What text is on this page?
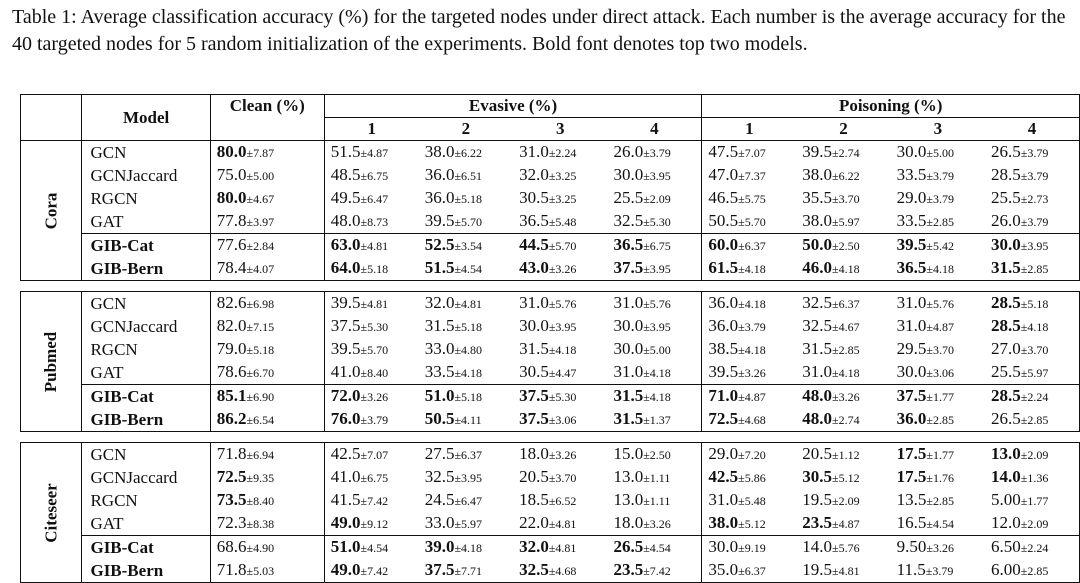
Table 1: Average classification accuracy (%) for the targeted nodes under direct attack. Each number is the average accuracy for the 40 targeted nodes for 5 random initialization of the experiments. Bold font denotes top two models.
	Model	Clean (%)	Evasive (%)				Poisoning (%)			
			1	2	3	4	1	2	3	4
Cora	GCN	80.0±7.87	51.5±4.87	38.0±6.22	31.0±2.24	26.0±3.79	47.5±7.07	39.5±2.74	30.0±5.00	26.5±3.79
	GCNJaccard	75.0±5.00	48.5±6.75	36.0±6.51	32.0±3.25	30.0±3.95	47.0±7.37	38.0±6.22	33.5±3.79	28.5±3.79
	RGCN	80.0±4.67	49.5±6.47	36.0±5.18	30.5±3.25	25.5±2.09	46.5±5.75	35.5±3.70	29.0±3.79	25.5±2.73
	GAT	77.8±3.97	48.0±8.73	39.5±5.70	36.5±5.48	32.5±5.30	50.5±5.70	38.0±5.97	33.5±2.85	26.0±3.79
	GIB-Cat	77.6±2.84	63.0±4.81	52.5±3.54	44.5±5.70	36.5±6.75	60.0±6.37	50.0±2.50	39.5±5.42	30.0±3.95
	GIB-Bern	78.4±4.07	64.0±5.18	51.5±4.54	43.0±3.26	37.5±3.95	61.5±4.18	46.0±4.18	36.5±4.18	31.5±2.85

Pubmed	GCN	82.6±6.98	39.5±4.81	32.0±4.81	31.0±5.76	31.0±5.76	36.0±4.18	32.5±6.37	31.0±5.76	28.5±5.18
	GCNJaccard	82.0±7.15	37.5±5.30	31.5±5.18	30.0±3.95	30.0±3.95	36.0±3.79	32.5±4.67	31.0±4.87	28.5±4.18
	RGCN	79.0±5.18	39.5±5.70	33.0±4.80	31.5±4.18	30.0±5.00	38.5±4.18	31.5±2.85	29.5±3.70	27.0±3.70
	GAT	78.6±6.70	41.0±8.40	33.5±4.18	30.5±4.47	31.0±4.18	39.5±3.26	31.0±4.18	30.0±3.06	25.5±5.97
	GIB-Cat	85.1±6.90	72.0±3.26	51.0±5.18	37.5±5.30	31.5±4.18	71.0±4.87	48.0±3.26	37.5±1.77	28.5±2.24
	GIB-Bern	86.2±6.54	76.0±3.79	50.5±4.11	37.5±3.06	31.5±1.37	72.5±4.68	48.0±2.74	36.0±2.85	26.5±2.85

Citeseer	GCN	71.8±6.94	42.5±7.07	27.5±6.37	18.0±3.26	15.0±2.50	29.0±7.20	20.5±1.12	17.5±1.77	13.0±2.09
	GCNJaccard	72.5±9.35	41.0±6.75	32.5±3.95	20.5±3.70	13.0±1.11	42.5±5.86	30.5±5.12	17.5±1.76	14.0±1.36
	RGCN	73.5±8.40	41.5±7.42	24.5±6.47	18.5±6.52	13.0±1.11	31.0±5.48	19.5±2.09	13.5±2.85	5.00±1.77
	GAT	72.3±8.38	49.0±9.12	33.0±5.97	22.0±4.81	18.0±3.26	38.0±5.12	23.5±4.87	16.5±4.54	12.0±2.09
	GIB-Cat	68.6±4.90	51.0±4.54	39.0±4.18	32.0±4.81	26.5±4.54	30.0±9.19	14.0±5.76	9.50±3.26	6.50±2.24
	GIB-Bern	71.8±5.03	49.0±7.42	37.5±7.71	32.5±4.68	23.5±7.42	35.0±6.37	19.5±4.81	11.5±3.79	6.00±2.85
